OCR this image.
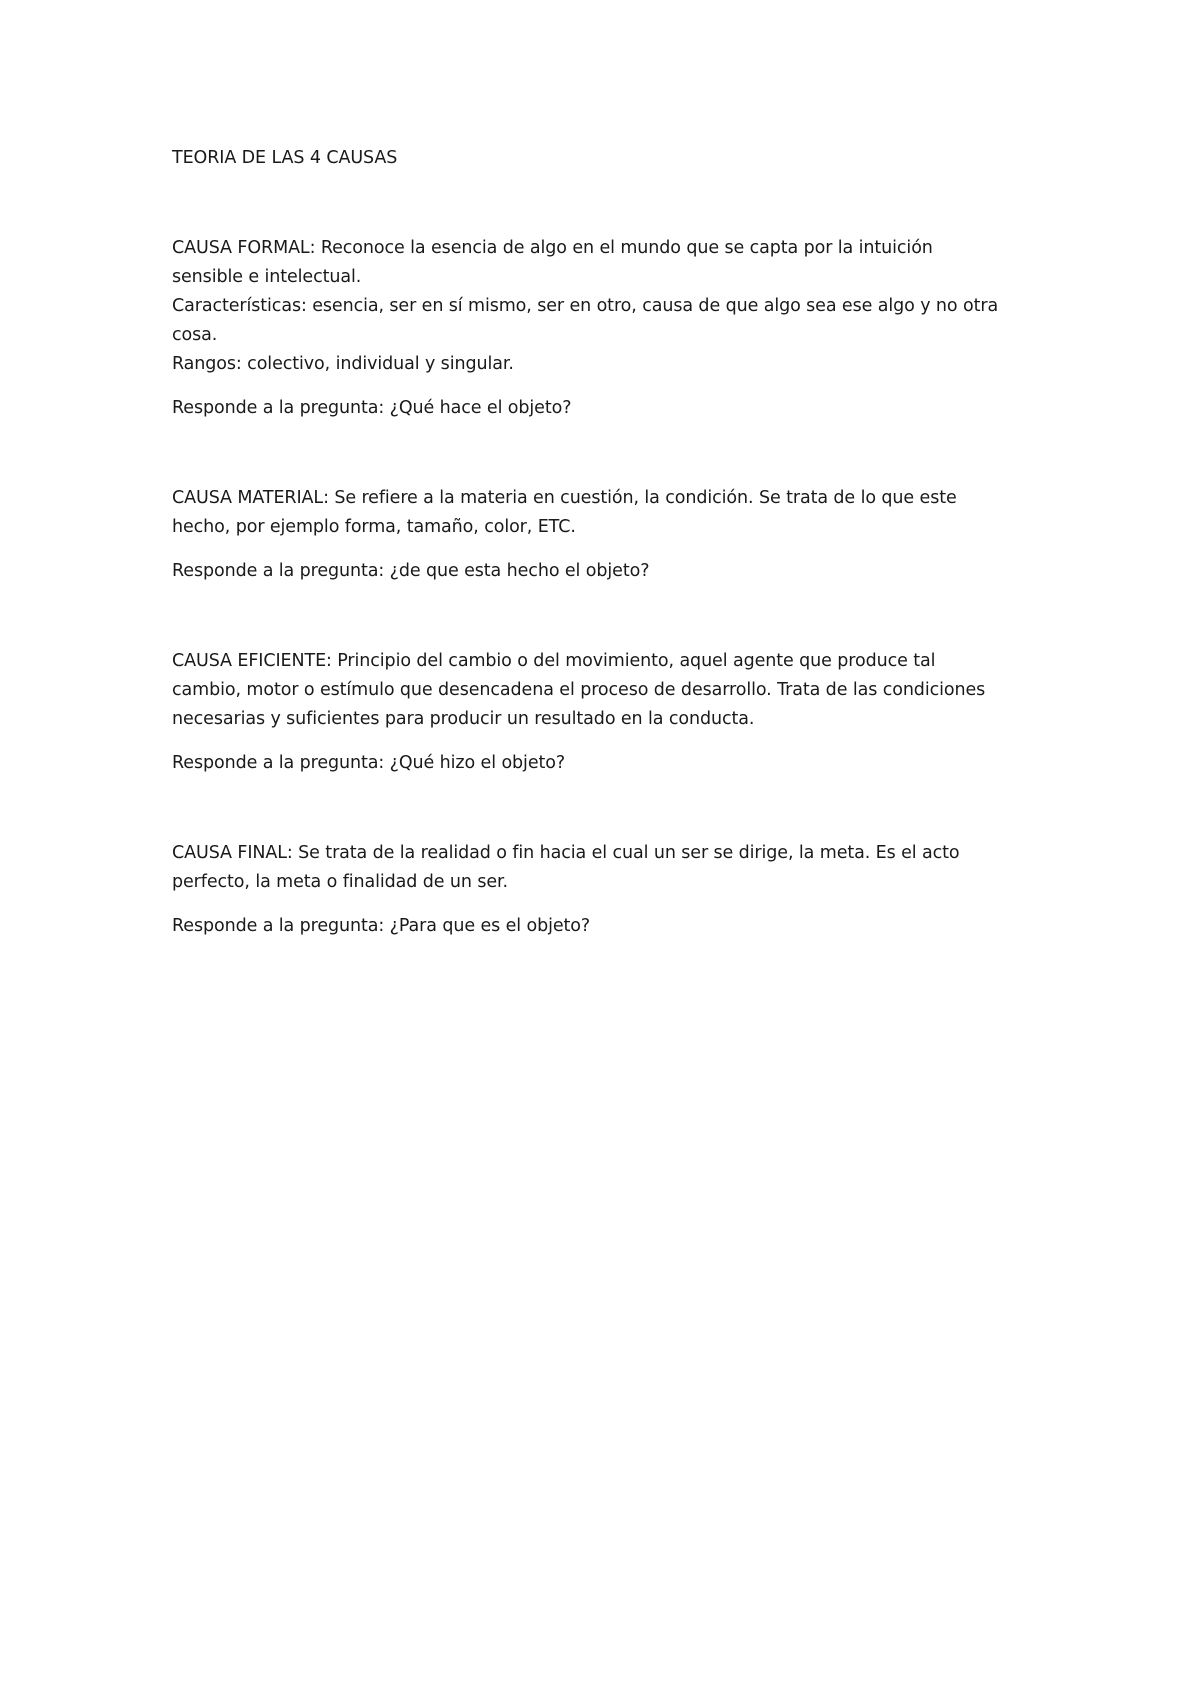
TEORIA DE LAS 4 CAUSAS

CAUSA FORMAL: Reconoce la esencia de algo en el mundo que se capta por la intuición

sensible e intelectual.

Características: esencia, ser en sí mismo, ser en otro, causa de que algo sea ese algo y no otra

cosa.

Rangos: colectivo, individual y singular.

Responde a la pregunta: ¿Qué hace el objeto?

CAUSA MATERIAL: Se refiere a la materia en cuestión, la condición. Se trata de lo que este

hecho, por ejemplo forma, tamaño, color, ETC.

Responde a la pregunta: ¿de que esta hecho el objeto?

CAUSA EFICIENTE: Principio del cambio o del movimiento, aquel agente que produce tal

cambio, motor o estímulo que desencadena el proceso de desarrollo. Trata de las condiciones

necesarias y suficientes para producir un resultado en la conducta.

Responde a la pregunta: ¿Qué hizo el objeto?

CAUSA FINAL: Se trata de la realidad o fin hacia el cual un ser se dirige, la meta. Es el acto

perfecto, la meta o finalidad de un ser.

Responde a la pregunta: ¿Para que es el objeto?
